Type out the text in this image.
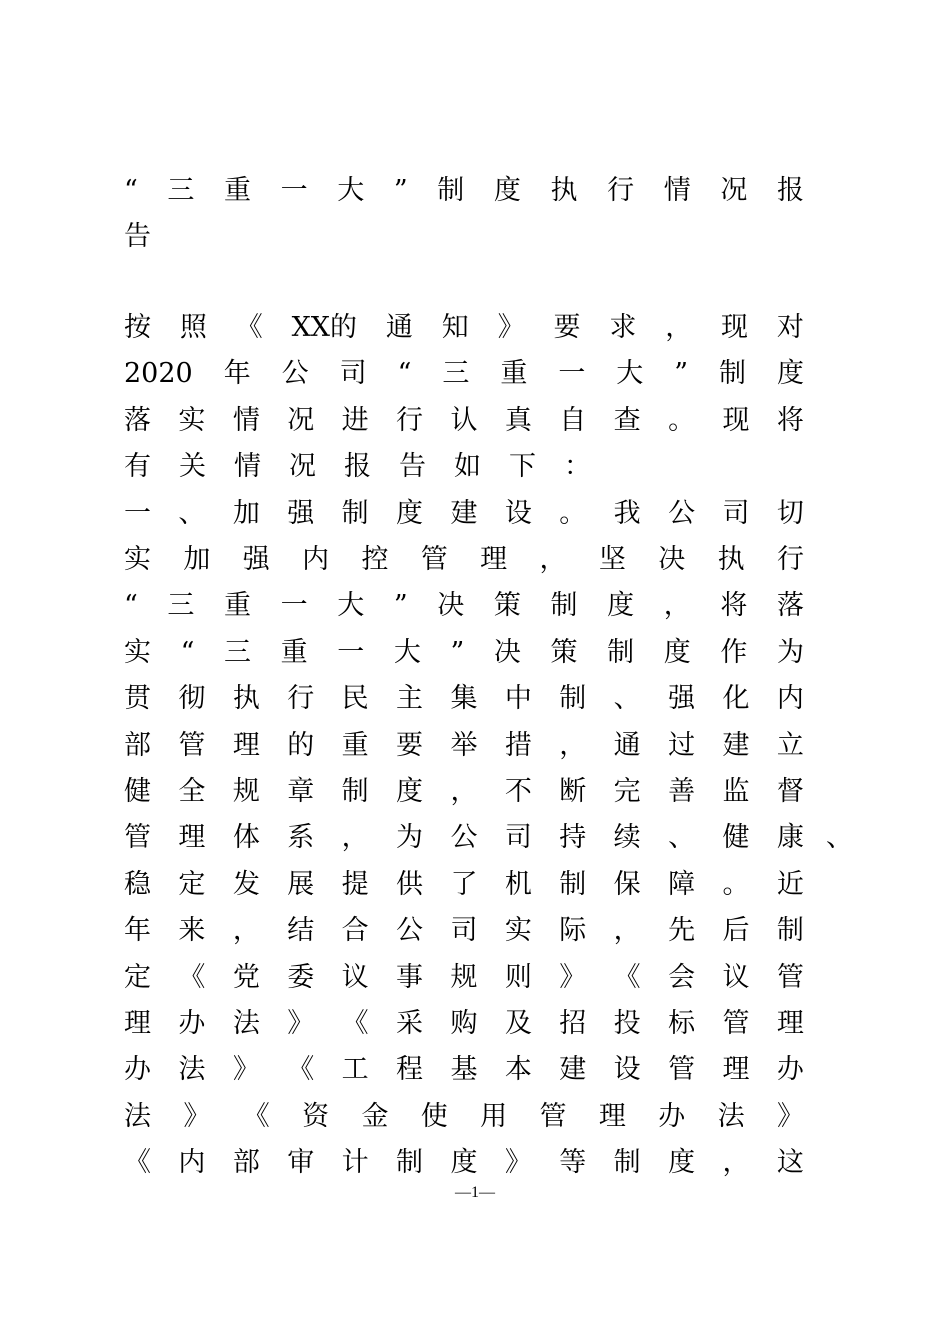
“ 三 重 一 大 ” 制 度 执 行 情 况 报
告
按 照 《 XX的 通 知 》 要 求 ， 现 对
2020 年 公 司 “ 三 重 一 大 ” 制 度
落 实 情 况 进 行 认 真 自 查 。 现 将
有 关 情 况 报 告 如 下 ：
一 、 加 强 制 度 建 设 。 我 公 司 切
实 加 强 内 控 管 理 ， 坚 决 执 行
“ 三 重 一 大 ” 决 策 制 度 ， 将 落
实 “ 三 重 一 大 ” 决 策 制 度 作 为
贯 彻 执 行 民 主 集 中 制 、 强 化 内
部 管 理 的 重 要 举 措 ， 通 过 建 立
健 全 规 章 制 度 ， 不 断 完 善 监 督
管 理 体 系 ， 为 公 司 持 续 、 健 康
稳 定 发 展 提 供 了 机 制 保 障 。 近
年 来 ， 结 合 公 司 实 际 ， 先 后 制
定 《 党 委 议 事 规 则 》 《 会 议 管
理 办 法 》 《 采 购 及 招 投 标 管 理
办 法 》 《 工 程 基 本 建 设 管 理 办
法 》 《 资 金 使 用 管 理 办 法 》
《 内 部 审 计 制 度 》 等 制 度 ， 这
、
—1—
